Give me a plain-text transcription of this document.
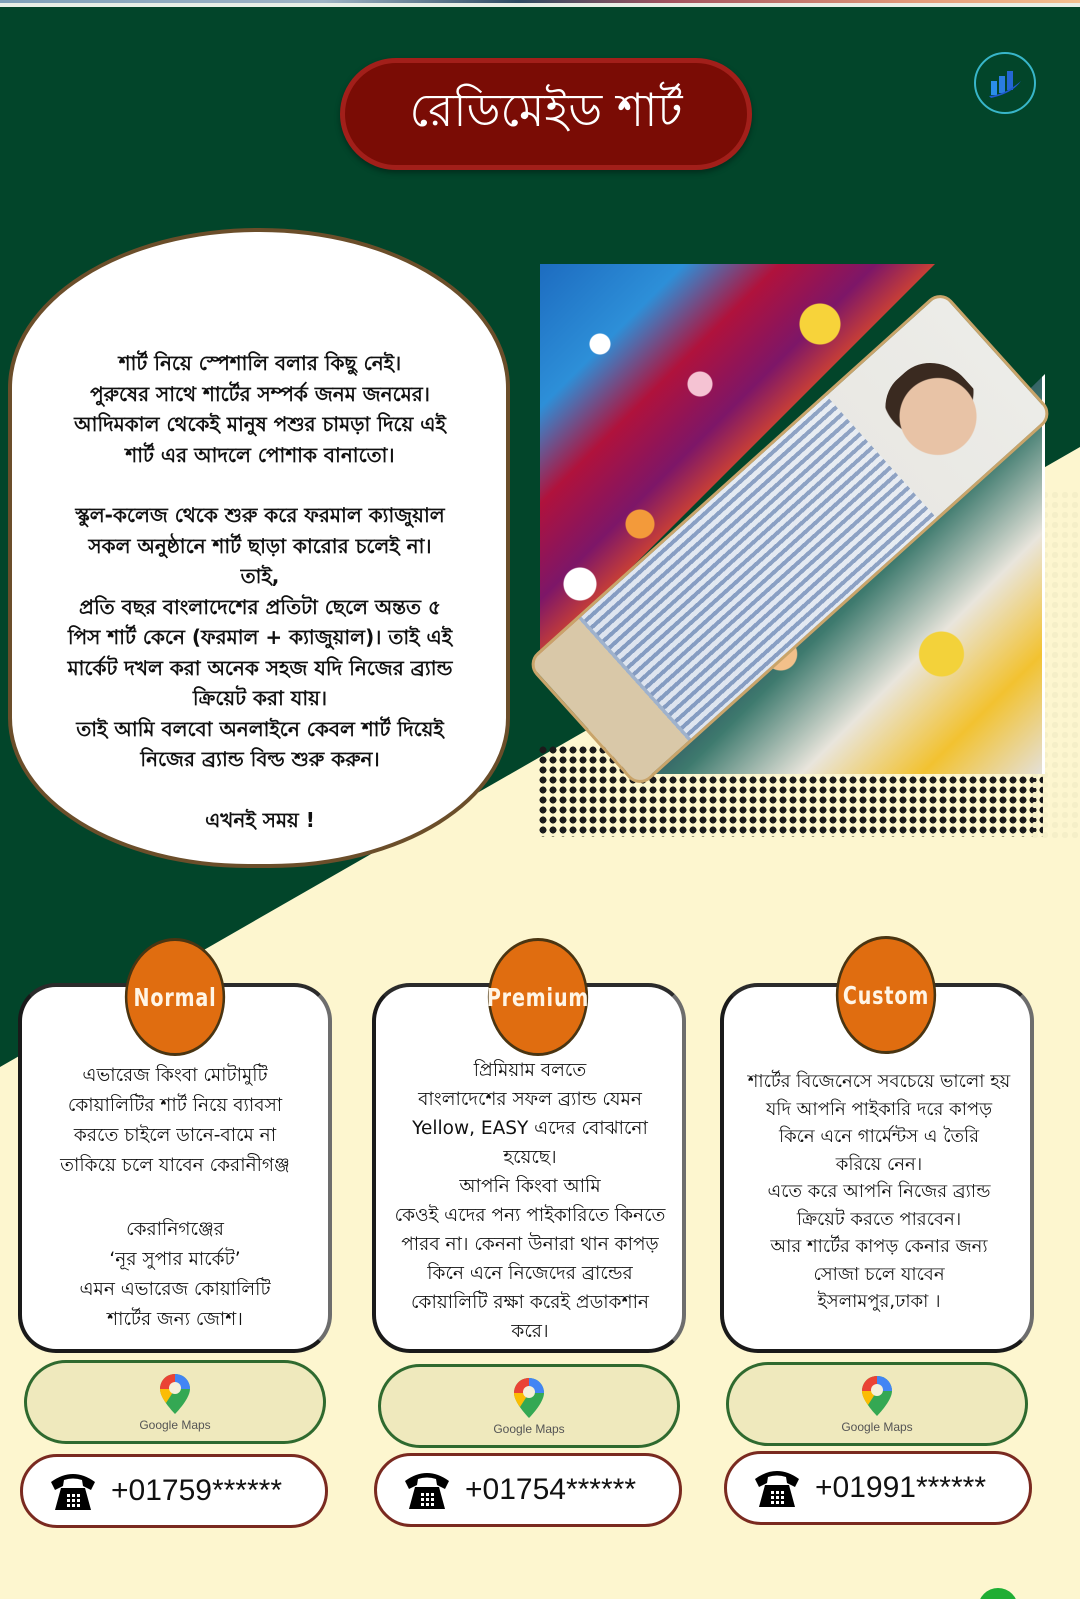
রেডিমেইড শার্ট

শার্ট নিয়ে স্পেশালি বলার কিছু নেই।

পুরুষের সাথে শার্টের সম্পর্ক জনম জনমের।

আদিমকাল থেকেই মানুষ পশুর চামড়া দিয়ে এই

শার্ট এর আদলে পোশাক বানাতো।

স্কুল-কলেজ থেকে শুরু করে ফরমাল ক্যাজুয়াল

সকল অনুষ্ঠানে শার্ট ছাড়া কারোর চলেই না।

তাই,

প্রতি বছর বাংলাদেশের প্রতিটা ছেলে অন্তত ৫

পিস শার্ট কেনে (ফরমাল + ক্যাজুয়াল)। তাই এই

মার্কেট দখল করা অনেক সহজ যদি নিজের ব্র্যান্ড

ক্রিয়েট করা যায়।

তাই আমি বলবো অনলাইনে কেবল শার্ট দিয়েই

নিজের ব্র্যান্ড বিল্ড শুরু করুন।

এখনই সময় !

Normal

এভারেজ কিংবা মোটামুটি

কোয়ালিটির শার্ট নিয়ে ব্যাবসা

করতে চাইলে ডানে-বামে না

তাকিয়ে চলে যাবেন কেরানীগঞ্জ

কেরানিগঞ্জের

‘নূর সুপার মার্কেট’

এমন এভারেজ কোয়ালিটি

শার্টের জন্য জোশ।

Google Maps
+01759******
Premium

প্রিমিয়াম বলতে

বাংলাদেশের সফল ব্র্যান্ড যেমন

Yellow, EASY এদের বোঝানো

হয়েছে।

আপনি কিংবা আমি

কেওই এদের পন্য পাইকারিতে কিনতে

পারব না। কেননা উনারা থান কাপড়

কিনে এনে নিজেদের ব্রান্ডের

কোয়ালিটি রক্ষা করেই প্রডাকশান

করে।

Google Maps
+01754******
Custom

শার্টের বিজেনেসে সবচেয়ে ভালো হয়

যদি আপনি পাইকারি দরে কাপড়

কিনে এনে গার্মেন্টস এ তৈরি

করিয়ে নেন।

এতে করে আপনি নিজের ব্র্যান্ড

ক্রিয়েট করতে পারবেন।

আর শার্টের কাপড় কেনার জন্য

সোজা চলে যাবেন

ইসলামপুর,ঢাকা ।

Google Maps
+01991******
